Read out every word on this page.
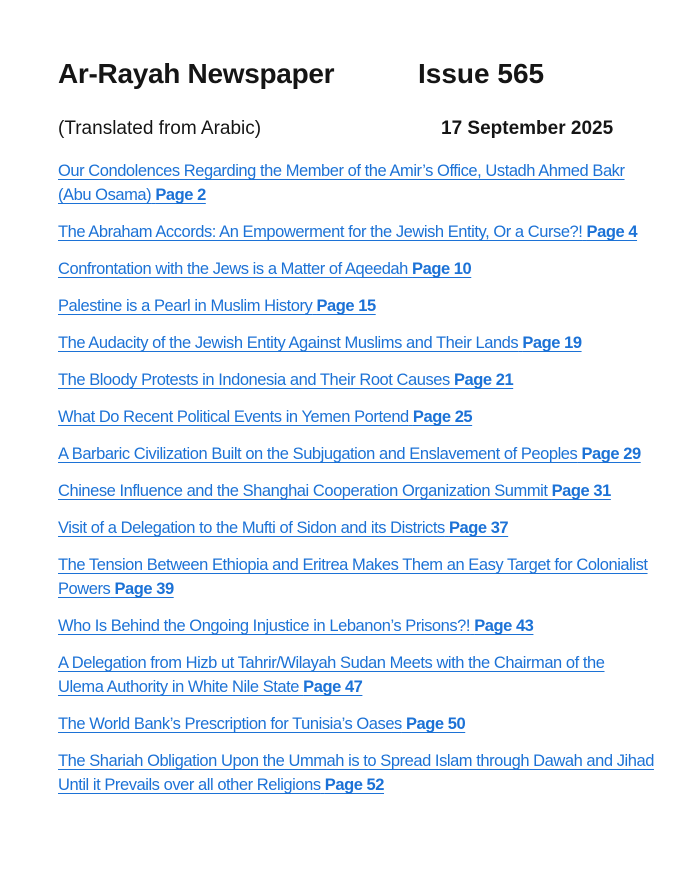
Ar-Rayah Newspaper	Issue 565
(Translated from Arabic)	17 September 2025

Our Condolences Regarding the Member of the Amir’s Office, Ustadh Ahmed Bakr
(Abu Osama) Page 2

The Abraham Accords: An Empowerment for the Jewish Entity, Or a Curse?! Page 4

Confrontation with the Jews is a Matter of Aqeedah Page 10

Palestine is a Pearl in Muslim History Page 15

The Audacity of the Jewish Entity Against Muslims and Their Lands Page 19

The Bloody Protests in Indonesia and Their Root Causes Page 21

What Do Recent Political Events in Yemen Portend Page 25

A Barbaric Civilization Built on the Subjugation and Enslavement of Peoples Page 29

Chinese Influence and the Shanghai Cooperation Organization Summit Page 31

Visit of a Delegation to the Mufti of Sidon and its Districts Page 37

The Tension Between Ethiopia and Eritrea Makes Them an Easy Target for Colonialist
Powers Page 39

Who Is Behind the Ongoing Injustice in Lebanon’s Prisons?! Page 43

A Delegation from Hizb ut Tahrir/Wilayah Sudan Meets with the Chairman of the
Ulema Authority in White Nile State Page 47

The World Bank’s Prescription for Tunisia’s Oases Page 50

The Shariah Obligation Upon the Ummah is to Spread Islam through Dawah and Jihad
Until it Prevails over all other Religions Page 52
